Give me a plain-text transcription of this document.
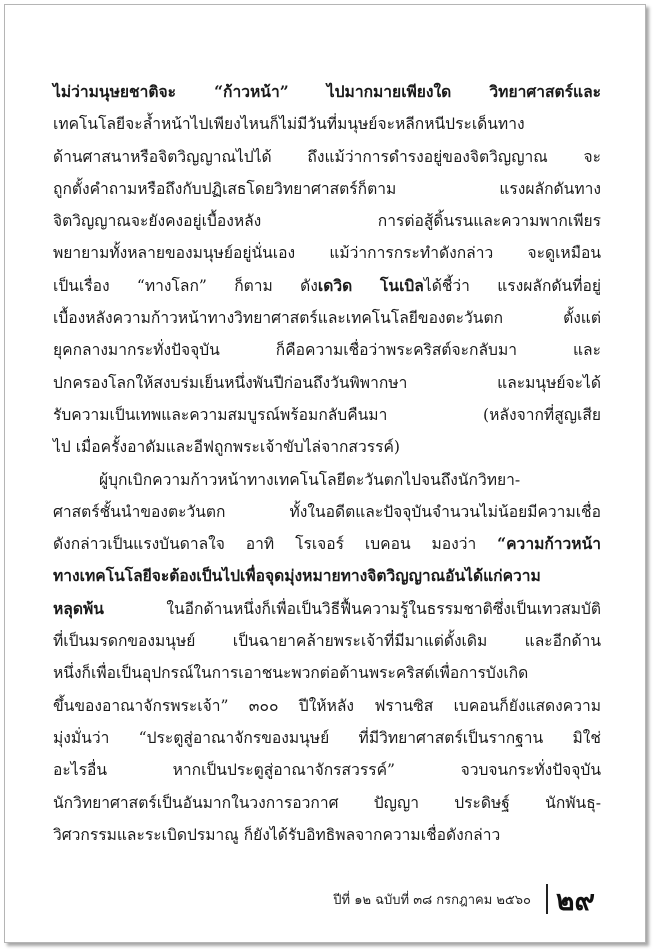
ไม่ว่ามนุษยชาติจะ “ก้าวหน้า” ไปมากมายเพียงใด วิทยาศาสตร์และ
เทคโนโลยีจะล้ำหน้าไปเพียงไหนก็ไม่มีวันที่มนุษย์จะหลีกหนีประเด็นทาง
ด้านศาสนาหรือจิตวิญญาณไปได้ ถึงแม้ว่าการดำรงอยู่ของจิตวิญญาณ จะ
ถูกตั้งคำถามหรือถึงกับปฏิเสธโดยวิทยาศาสตร์ก็ตาม แรงผลักดันทาง
จิตวิญญาณจะยังคงอยู่เบื้องหลัง การต่อสู้ดิ้นรนและความพากเพียร
พยายามทั้งหลายของมนุษย์อยู่นั่นเอง แม้ว่าการกระทำดังกล่าว จะดูเหมือน
เป็นเรื่อง “ทางโลก” ก็ตาม ดังเดวิด โนเบิลได้ชี้ว่า แรงผลักดันที่อยู่
เบื้องหลังความก้าวหน้าทางวิทยาศาสตร์และเทคโนโลยีของตะวันตก ตั้งแต่
ยุคกลางมากระทั่งปัจจุบัน ก็คือความเชื่อว่าพระคริสต์จะกลับมา และ
ปกครองโลกให้สงบร่มเย็นหนึ่งพันปีก่อนถึงวันพิพากษา และมนุษย์จะได้
รับความเป็นเทพและความสมบูรณ์พร้อมกลับคืนมา (หลังจากที่สูญเสีย
ไป เมื่อครั้งอาดัมและอีฟถูกพระเจ้าขับไล่จากสวรรค์)
ผู้บุกเบิกความก้าวหน้าทางเทคโนโลยีตะวันตกไปจนถึงนักวิทยา-
ศาสตร์ชั้นนำของตะวันตก ทั้งในอดีตและปัจจุบันจำนวนไม่น้อยมีความเชื่อ
ดังกล่าวเป็นแรงบันดาลใจ อาทิ โรเจอร์ เบคอน มองว่า “ความก้าวหน้า
ทางเทคโนโลยีจะต้องเป็นไปเพื่อจุดมุ่งหมายทางจิตวิญญาณอันได้แก่ความ
หลุดพ้น ในอีกด้านหนึ่งก็เพื่อเป็นวิธีฟื้นความรู้ในธรรมชาติซึ่งเป็นเทวสมบัติ
ที่เป็นมรดกของมนุษย์ เป็นฉายาคล้ายพระเจ้าที่มีมาแต่ดั้งเดิม และอีกด้าน
หนึ่งก็เพื่อเป็นอุปกรณ์ในการเอาชนะพวกต่อต้านพระคริสต์เพื่อการบังเกิด
ขึ้นของอาณาจักรพระเจ้า” ๓๐๐ ปีให้หลัง ฟรานซิส เบคอนก็ยังแสดงความ
มุ่งมั่นว่า “ประตูสู่อาณาจักรของมนุษย์ ที่มีวิทยาศาสตร์เป็นรากฐาน มิใช่
อะไรอื่น หากเป็นประตูสู่อาณาจักรสวรรค์” จวบจนกระทั่งปัจจุบัน
นักวิทยาศาสตร์เป็นอันมากในวงการอวกาศ ปัญญา ประดิษฐ์ นักพันธุ-
วิศวกรรมและระเบิดปรมาณู ก็ยังได้รับอิทธิพลจากความเชื่อดังกล่าว
ปีที่ ๑๒ ฉบับที่ ๓๘ กรกฎาคม ๒๕๖๐ ๒๙
